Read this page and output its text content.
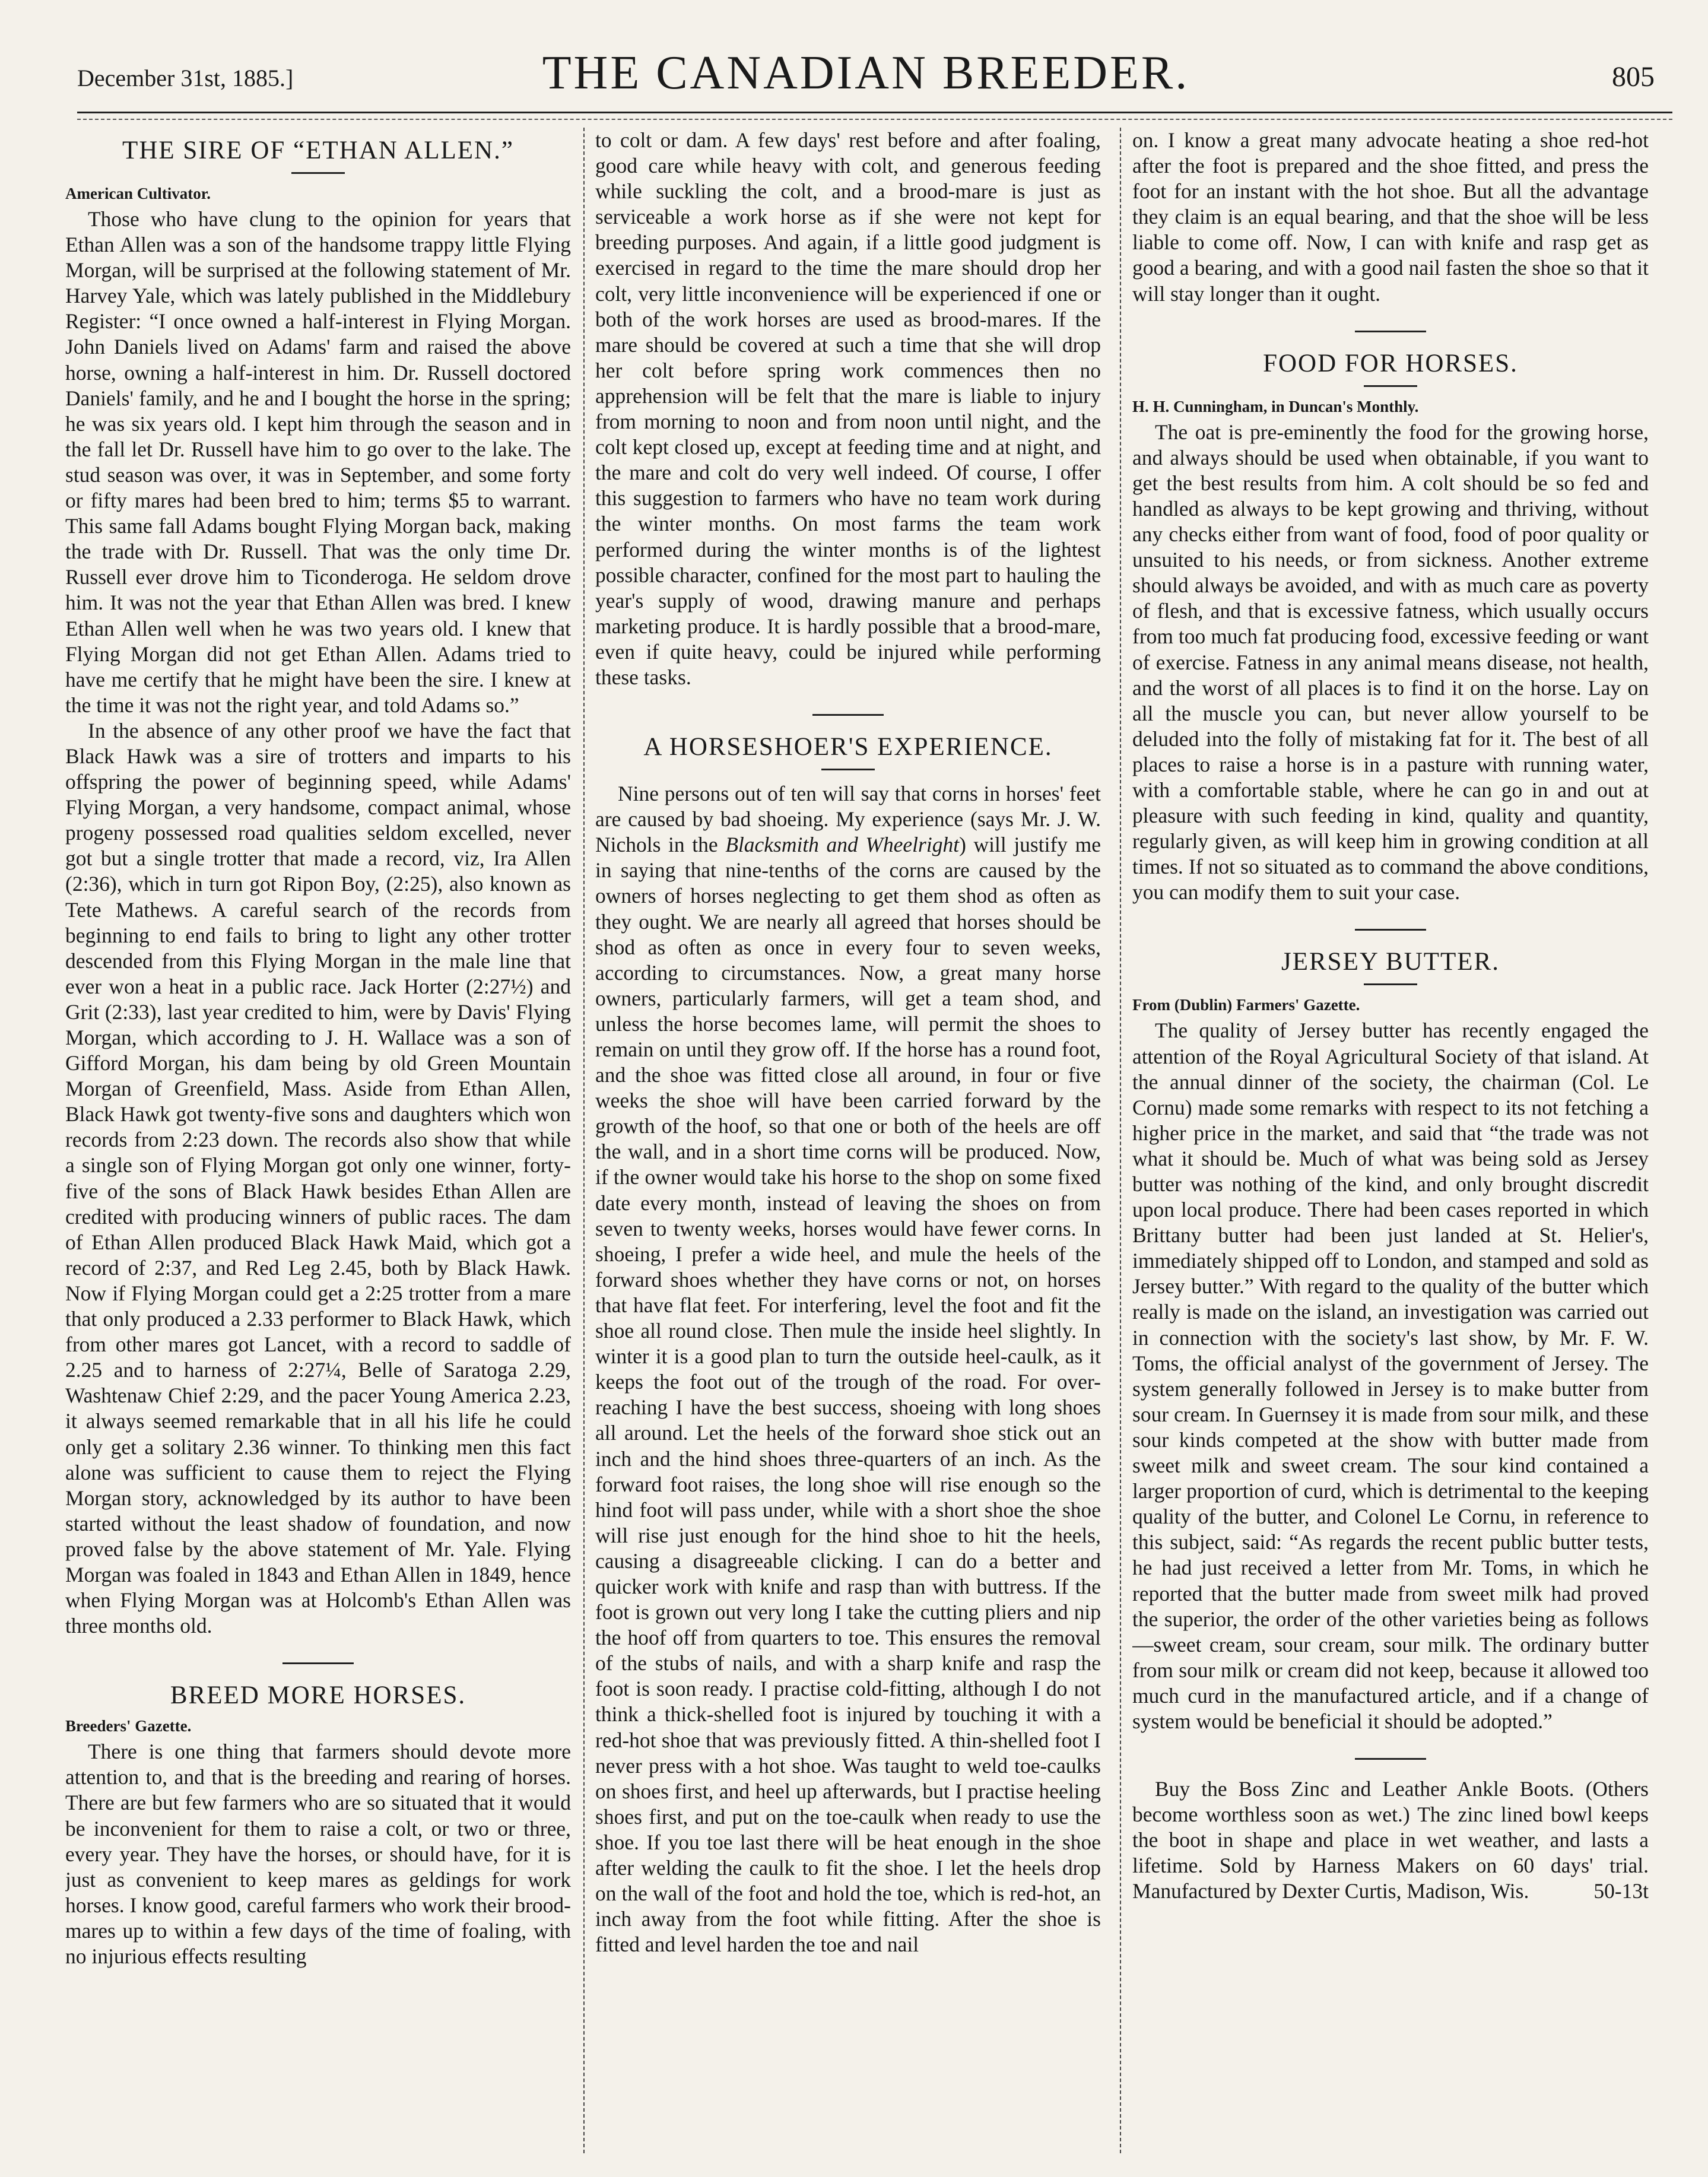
December 31st, 1885.]	THE CANADIAN BREEDER.	805
THE SIRE OF “ETHAN ALLEN.”
American Cultivator.

Those who have clung to the opinion for years that Ethan Allen was a son of the handsome trappy little Flying Morgan, will be surprised at the following statement of Mr. Harvey Yale, which was lately published in the Middlebury Register: “I once owned a half-interest in Flying Morgan. John Daniels lived on Adams' farm and raised the above horse, owning a half-interest in him. Dr. Russell doctored Daniels' family, and he and I bought the horse in the spring; he was six years old. I kept him through the season and in the fall let Dr. Russell have him to go over to the lake. The stud season was over, it was in September, and some forty or fifty mares had been bred to him; terms $5 to warrant. This same fall Adams bought Flying Morgan back, making the trade with Dr. Russell. That was the only time Dr. Russell ever drove him to Ticonderoga. He seldom drove him. It was not the year that Ethan Allen was bred. I knew Ethan Allen well when he was two years old. I knew that Flying Morgan did not get Ethan Allen. Adams tried to have me certify that he might have been the sire. I knew at the time it was not the right year, and told Adams so.”

In the absence of any other proof we have the fact that Black Hawk was a sire of trotters and imparts to his offspring the power of beginning speed, while Adams' Flying Morgan, a very handsome, compact animal, whose progeny possessed road qualities seldom excelled, never got but a single trotter that made a record, viz, Ira Allen (2:36), which in turn got Ripon Boy, (2:25), also known as Tete Mathews. A careful search of the records from beginning to end fails to bring to light any other trotter descended from this Flying Morgan in the male line that ever won a heat in a public race. Jack Horter (2:27½) and Grit (2:33), last year credited to him, were by Davis' Flying Morgan, which according to J. H. Wallace was a son of Gifford Morgan, his dam being by old Green Mountain Morgan of Greenfield, Mass. Aside from Ethan Allen, Black Hawk got twenty-five sons and daughters which won records from 2:23 down. The records also show that while a single son of Flying Morgan got only one winner, forty-five of the sons of Black Hawk besides Ethan Allen are credited with producing winners of public races. The dam of Ethan Allen produced Black Hawk Maid, which got a record of 2:37, and Red Leg 2.45, both by Black Hawk. Now if Flying Morgan could get a 2:25 trotter from a mare that only produced a 2.33 performer to Black Hawk, which from other mares got Lancet, with a record to saddle of 2.25 and to harness of 2:27¼, Belle of Saratoga 2.29, Washtenaw Chief 2:29, and the pacer Young America 2.23, it always seemed remarkable that in all his life he could only get a solitary 2.36 winner. To thinking men this fact alone was sufficient to cause them to reject the Flying Morgan story, acknowledged by its author to have been started without the least shadow of foundation, and now proved false by the above statement of Mr. Yale. Flying Morgan was foaled in 1843 and Ethan Allen in 1849, hence when Flying Morgan was at Holcomb's Ethan Allen was three months old.

BREED MORE HORSES.
Breeders' Gazette.

There is one thing that farmers should devote more attention to, and that is the breeding and rearing of horses. There are but few farmers who are so situated that it would be inconvenient for them to raise a colt, or two or three, every year. They have the horses, or should have, for it is just as convenient to keep mares as geldings for work horses. I know good, careful farmers who work their brood-mares up to within a few days of the time of foaling, with no injurious effects resulting

to colt or dam. A few days' rest before and after foaling, good care while heavy with colt, and generous feeding while suckling the colt, and a brood-mare is just as serviceable a work horse as if she were not kept for breeding purposes. And again, if a little good judgment is exercised in regard to the time the mare should drop her colt, very little inconvenience will be experienced if one or both of the work horses are used as brood-mares. If the mare should be covered at such a time that she will drop her colt before spring work commences then no apprehension will be felt that the mare is liable to injury from morning to noon and from noon until night, and the colt kept closed up, except at feeding time and at night, and the mare and colt do very well indeed. Of course, I offer this suggestion to farmers who have no team work during the winter months. On most farms the team work performed during the winter months is of the lightest possible character, confined for the most part to hauling the year's supply of wood, drawing manure and perhaps marketing produce. It is hardly possible that a brood-mare, even if quite heavy, could be injured while performing these tasks.

A HORSESHOER'S EXPERIENCE.

Nine persons out of ten will say that corns in horses' feet are caused by bad shoeing. My experience (says Mr. J. W. Nichols in the Blacksmith and Wheelright) will justify me in saying that nine-tenths of the corns are caused by the owners of horses neglecting to get them shod as often as they ought. We are nearly all agreed that horses should be shod as often as once in every four to seven weeks, according to circumstances. Now, a great many horse owners, particularly farmers, will get a team shod, and unless the horse becomes lame, will permit the shoes to remain on until they grow off. If the horse has a round foot, and the shoe was fitted close all around, in four or five weeks the shoe will have been carried forward by the growth of the hoof, so that one or both of the heels are off the wall, and in a short time corns will be produced. Now, if the owner would take his horse to the shop on some fixed date every month, instead of leaving the shoes on from seven to twenty weeks, horses would have fewer corns. In shoeing, I prefer a wide heel, and mule the heels of the forward shoes whether they have corns or not, on horses that have flat feet. For interfering, level the foot and fit the shoe all round close. Then mule the inside heel slightly. In winter it is a good plan to turn the outside heel-caulk, as it keeps the foot out of the trough of the road. For over-reaching I have the best success, shoeing with long shoes all around. Let the heels of the forward shoe stick out an inch and the hind shoes three-quarters of an inch. As the forward foot raises, the long shoe will rise enough so the hind foot will pass under, while with a short shoe the shoe will rise just enough for the hind shoe to hit the heels, causing a disagreeable clicking. I can do a better and quicker work with knife and rasp than with buttress. If the foot is grown out very long I take the cutting pliers and nip the hoof off from quarters to toe. This ensures the removal of the stubs of nails, and with a sharp knife and rasp the foot is soon ready. I practise cold-fitting, although I do not think a thick-shelled foot is injured by touching it with a red-hot shoe that was previously fitted. A thin-shelled foot I never press with a hot shoe. Was taught to weld toe-caulks on shoes first, and heel up afterwards, but I practise heeling shoes first, and put on the toe-caulk when ready to use the shoe. If you toe last there will be heat enough in the shoe after welding the caulk to fit the shoe. I let the heels drop on the wall of the foot and hold the toe, which is red-hot, an inch away from the foot while fitting. After the shoe is fitted and level harden the toe and nail

on. I know a great many advocate heating a shoe red-hot after the foot is prepared and the shoe fitted, and press the foot for an instant with the hot shoe. But all the advantage they claim is an equal bearing, and that the shoe will be less liable to come off. Now, I can with knife and rasp get as good a bearing, and with a good nail fasten the shoe so that it will stay longer than it ought.

FOOD FOR HORSES.
H. H. Cunningham, in Duncan's Monthly.

The oat is pre-eminently the food for the growing horse, and always should be used when obtainable, if you want to get the best results from him. A colt should be so fed and handled as always to be kept growing and thriving, without any checks either from want of food, food of poor quality or unsuited to his needs, or from sickness. Another extreme should always be avoided, and with as much care as poverty of flesh, and that is excessive fatness, which usually occurs from too much fat producing food, excessive feeding or want of exercise. Fatness in any animal means disease, not health, and the worst of all places is to find it on the horse. Lay on all the muscle you can, but never allow yourself to be deluded into the folly of mistaking fat for it. The best of all places to raise a horse is in a pasture with running water, with a comfortable stable, where he can go in and out at pleasure with such feeding in kind, quality and quantity, regularly given, as will keep him in growing condition at all times. If not so situated as to command the above conditions, you can modify them to suit your case.

JERSEY BUTTER.
From (Dublin) Farmers' Gazette.

The quality of Jersey butter has recently engaged the attention of the Royal Agricultural Society of that island. At the annual dinner of the society, the chairman (Col. Le Cornu) made some remarks with respect to its not fetching a higher price in the market, and said that “the trade was not what it should be. Much of what was being sold as Jersey butter was nothing of the kind, and only brought discredit upon local produce. There had been cases reported in which Brittany butter had been just landed at St. Helier's, immediately shipped off to London, and stamped and sold as Jersey butter.” With regard to the quality of the butter which really is made on the island, an investigation was carried out in connection with the society's last show, by Mr. F. W. Toms, the official analyst of the government of Jersey. The system generally followed in Jersey is to make butter from sour cream. In Guernsey it is made from sour milk, and these sour kinds competed at the show with butter made from sweet milk and sweet cream. The sour kind contained a larger proportion of curd, which is detrimental to the keeping quality of the butter, and Colonel Le Cornu, in reference to this subject, said: “As regards the recent public butter tests, he had just received a letter from Mr. Toms, in which he reported that the butter made from sweet milk had proved the superior, the order of the other varieties being as follows—sweet cream, sour cream, sour milk. The ordinary butter from sour milk or cream did not keep, because it allowed too much curd in the manufactured article, and if a change of system would be beneficial it should be adopted.”

Buy the Boss Zinc and Leather Ankle Boots. (Others become worthless soon as wet.) The zinc lined bowl keeps the boot in shape and place in wet weather, and lasts a lifetime. Sold by Harness Makers on 60 days' trial. Manufactured by Dexter Curtis, Madison, Wis.	50-13t
